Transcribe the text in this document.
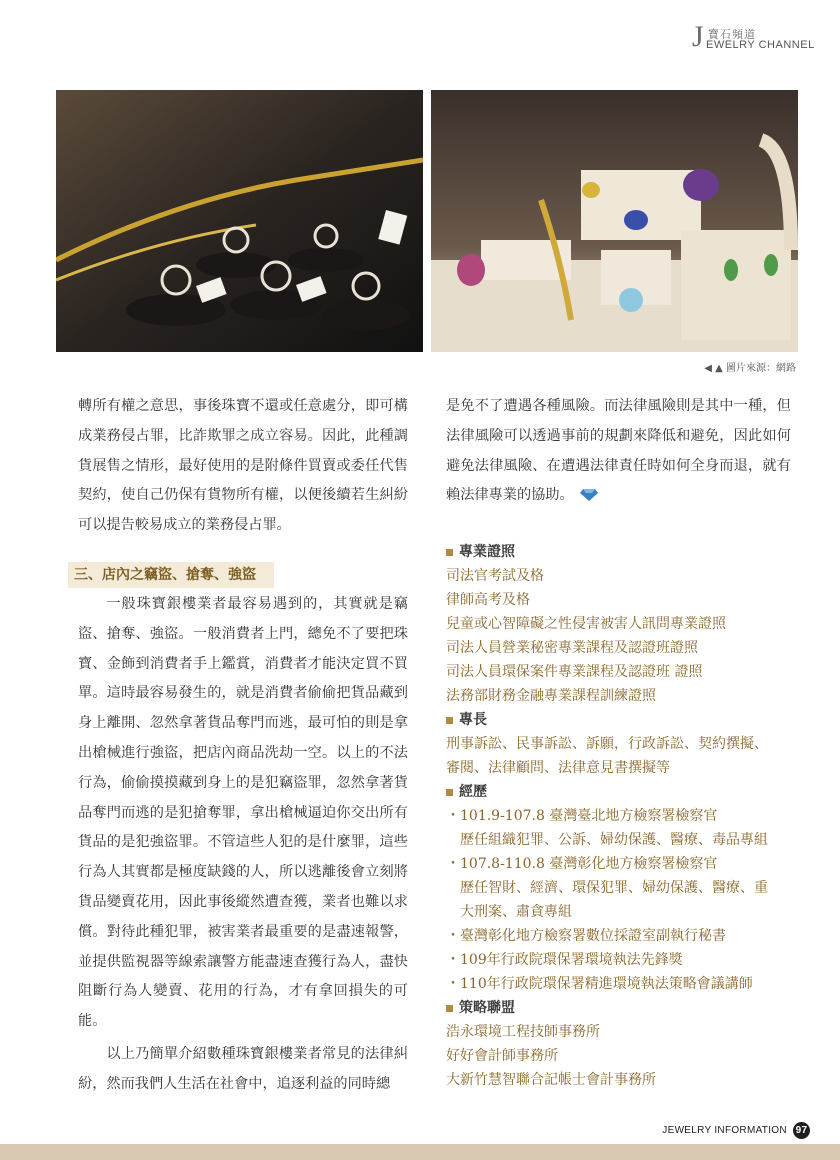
J 寶石頻道
EWELRY CHANNEL
◀ ▲ 圖片來源：網路

轉所有權之意思，事後珠寶不還或任意處分，即可構成業務侵占罪，比詐欺罪之成立容易。因此，此種調貨展售之情形，最好使用的是附條件買賣或委任代售契約，使自己仍保有貨物所有權，以便後續若生糾紛可以提告較易成立的業務侵占罪。

三、店內之竊盜、搶奪、強盜

一般珠寶銀樓業者最容易遇到的，其實就是竊盜、搶奪、強盜。一般消費者上門，總免不了要把珠寶、金飾到消費者手上鑑賞，消費者才能決定買不買單。這時最容易發生的，就是消費者偷偷把貨品藏到身上離開、忽然拿著貨品奪門而逃，最可怕的則是拿出槍械進行強盜，把店內商品洗劫一空。以上的不法行為，偷偷摸摸藏到身上的是犯竊盜罪，忽然拿著貨品奪門而逃的是犯搶奪罪，拿出槍械逼迫你交出所有貨品的是犯強盜罪。不管這些人犯的是什麼罪，這些行為人其實都是極度缺錢的人，所以逃離後會立刻將貨品變賣花用，因此事後縱然遭查獲，業者也難以求償。對待此種犯罪，被害業者最重要的是盡速報警，並提供監視器等線索讓警方能盡速查獲行為人，盡快阻斷行為人變賣、花用的行為，才有拿回損失的可能。

以上乃簡單介紹數種珠寶銀樓業者常見的法律糾紛，然而我們人生活在社會中，追逐利益的同時總

是免不了遭遇各種風險。而法律風險則是其中一種，但法律風險可以透過事前的規劃來降低和避免，因此如何避免法律風險、在遭遇法律責任時如何全身而退，就有賴法律專業的協助。

專業證照
司法官考試及格
律師高考及格
兒童或心智障礙之性侵害被害人訊問專業證照
司法人員營業秘密專業課程及認證班證照
司法人員環保案件專業課程及認證班 證照
法務部財務金融專業課程訓練證照
專長
刑事訴訟、民事訴訟、訴願，行政訴訟、契約撰擬、
審閱、法律顧問、法律意見書撰擬等
經歷
・101.9-107.8 臺灣臺北地方檢察署檢察官
歷任組織犯罪、公訴、婦幼保護、醫療、毒品專組
・107.8-110.8 臺灣彰化地方檢察署檢察官
歷任智財、經濟、環保犯罪、婦幼保護、醫療、重
大刑案、肅貪專組
・臺灣彰化地方檢察署數位採證室副執行秘書
・109年行政院環保署環境執法先鋒獎
・110年行政院環保署精進環境執法策略會議講師
策略聯盟
浩永環境工程技師事務所
好好會計師事務所
大新竹慧智聯合記帳士會計事務所
JEWELRY INFORMATION 97
